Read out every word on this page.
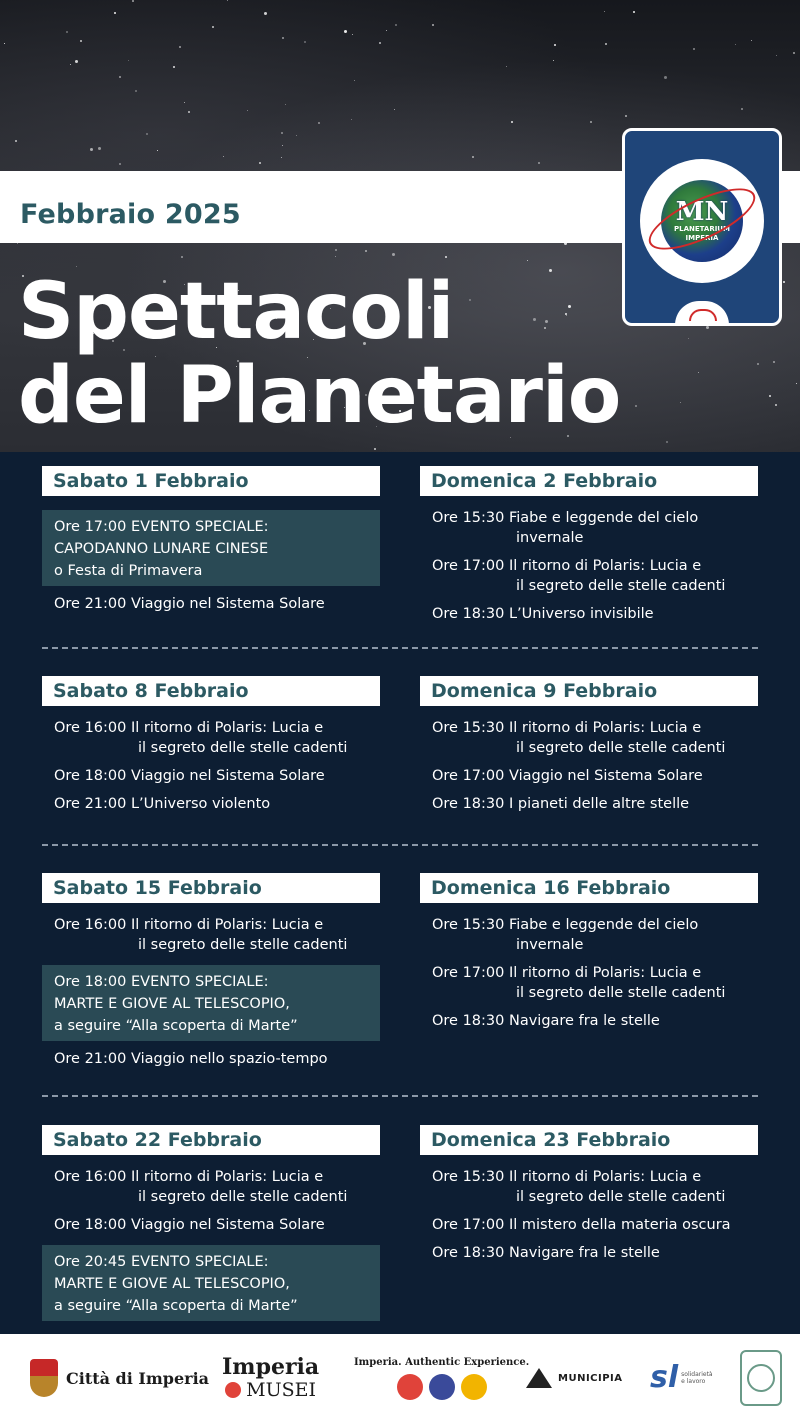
Febbraio 2025
Spettacoli
del Planetario
MN
PLANETARIUM IMPERIA
Sabato 1 Febbraio
Ore 17:00 EVENTO SPECIALE:
CAPODANNO LUNARE CINESE
o Festa di Primavera
Ore 21:00 Viaggio nel Sistema Solare
Domenica 2 Febbraio
Ore 15:30 Fiabe e leggende del cielo
invernale
Ore 17:00 Il ritorno di Polaris: Lucia e
il segreto delle stelle cadenti
Ore 18:30 L’Universo invisibile
Sabato 8 Febbraio
Ore 16:00 Il ritorno di Polaris: Lucia e
il segreto delle stelle cadenti
Ore 18:00 Viaggio nel Sistema Solare
Ore 21:00 L’Universo violento
Domenica 9 Febbraio
Ore 15:30 Il ritorno di Polaris: Lucia e
il segreto delle stelle cadenti
Ore 17:00 Viaggio nel Sistema Solare
Ore 18:30 I pianeti delle altre stelle
Sabato 15 Febbraio
Ore 16:00 Il ritorno di Polaris: Lucia e
il segreto delle stelle cadenti
Ore 18:00 EVENTO SPECIALE:
MARTE E GIOVE AL TELESCOPIO,
a seguire “Alla scoperta di Marte”
Ore 21:00 Viaggio nello spazio-tempo
Domenica 16 Febbraio
Ore 15:30 Fiabe e leggende del cielo
invernale
Ore 17:00 Il ritorno di Polaris: Lucia e
il segreto delle stelle cadenti
Ore 18:30 Navigare fra le stelle
Sabato 22 Febbraio
Ore 16:00 Il ritorno di Polaris: Lucia e
il segreto delle stelle cadenti
Ore 18:00 Viaggio nel Sistema Solare
Ore 20:45 EVENTO SPECIALE:
MARTE E GIOVE AL TELESCOPIO,
a seguire “Alla scoperta di Marte”
Domenica 23 Febbraio
Ore 15:30 Il ritorno di Polaris: Lucia e
il segreto delle stelle cadenti
Ore 17:00 Il mistero della materia oscura
Ore 18:30 Navigare fra le stelle
Città di Imperia Imperia
MUSEI
Imperia. Authentic Experience.
MUNICIPIA sl solidarietà e lavoro
